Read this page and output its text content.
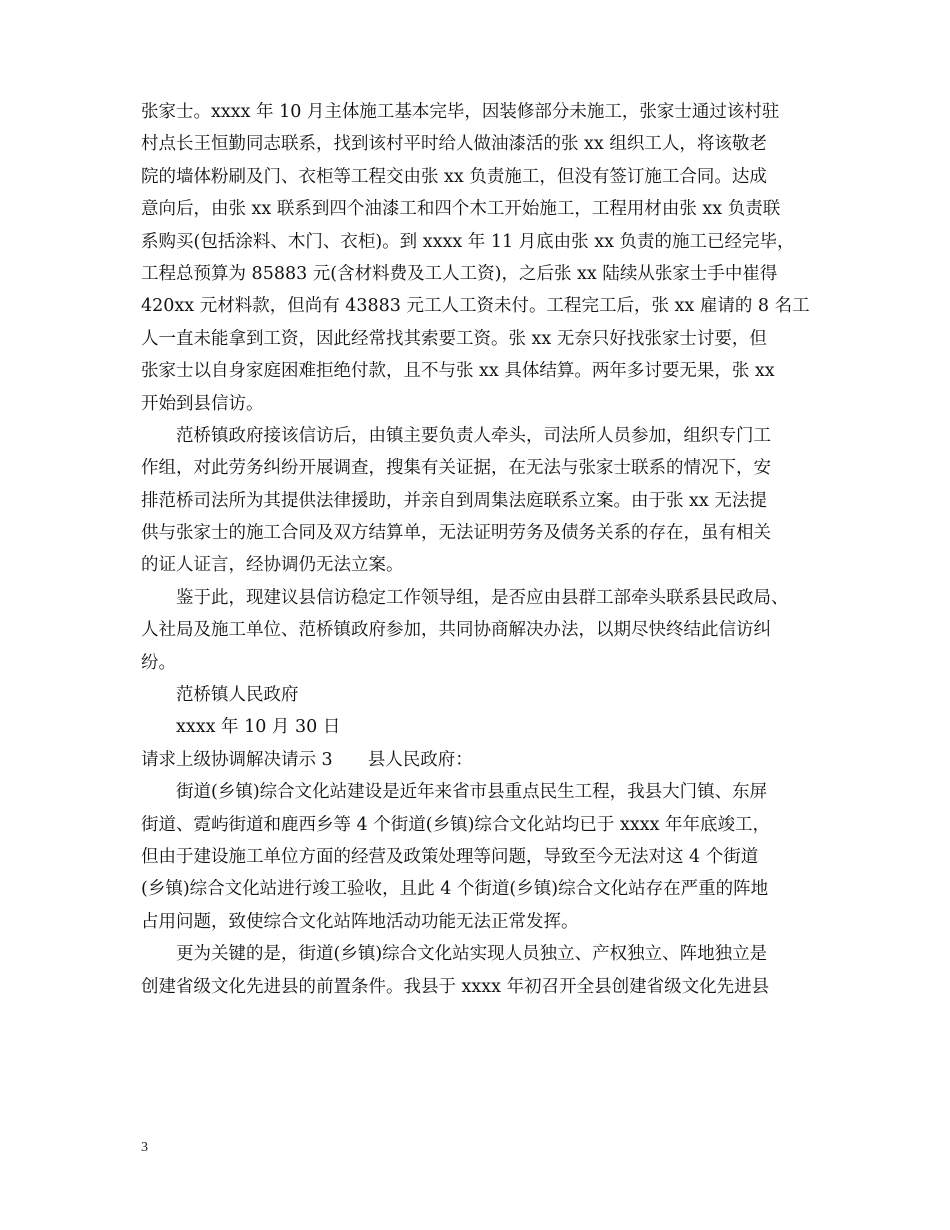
张家士。xxxx 年 10 月主体施工基本完毕，因装修部分未施工，张家士通过该村驻
村点长王恒勤同志联系，找到该村平时给人做油漆活的张 xx 组织工人，将该敬老
院的墙体粉刷及门、衣柜等工程交由张 xx 负责施工，但没有签订施工合同。达成
意向后，由张 xx 联系到四个油漆工和四个木工开始施工，工程用材由张 xx 负责联
系购买(包括涂料、木门、衣柜)。到 xxxx 年 11 月底由张 xx 负责的施工已经完毕，
工程总预算为 85883 元(含材料费及工人工资)，之后张 xx 陆续从张家士手中崔得
420xx 元材料款，但尚有 43883 元工人工资未付。工程完工后，张 xx 雇请的 8 名工
人一直未能拿到工资，因此经常找其索要工资。张 xx 无奈只好找张家士讨要，但
张家士以自身家庭困难拒绝付款，且不与张 xx 具体结算。两年多讨要无果，张 xx
开始到县信访。
范桥镇政府接该信访后，由镇主要负责人牵头，司法所人员参加，组织专门工
作组，对此劳务纠纷开展调查，搜集有关证据，在无法与张家士联系的情况下，安
排范桥司法所为其提供法律援助，并亲自到周集法庭联系立案。由于张 xx 无法提
供与张家士的施工合同及双方结算单，无法证明劳务及债务关系的存在，虽有相关
的证人证言，经协调仍无法立案。
鉴于此，现建议县信访稳定工作领导组，是否应由县群工部牵头联系县民政局、
人社局及施工单位、范桥镇政府参加，共同协商解决办法，以期尽快终结此信访纠
纷。
范桥镇人民政府
xxxx 年 10 月 30 日
请求上级协调解决请示 3　　县人民政府：
街道(乡镇)综合文化站建设是近年来省市县重点民生工程，我县大门镇、东屏
街道、霓屿街道和鹿西乡等 4 个街道(乡镇)综合文化站均已于 xxxx 年年底竣工，
但由于建设施工单位方面的经营及政策处理等问题，导致至今无法对这 4 个街道
(乡镇)综合文化站进行竣工验收，且此 4 个街道(乡镇)综合文化站存在严重的阵地
占用问题，致使综合文化站阵地活动功能无法正常发挥。
更为关键的是，街道(乡镇)综合文化站实现人员独立、产权独立、阵地独立是
创建省级文化先进县的前置条件。我县于 xxxx 年初召开全县创建省级文化先进县
3
